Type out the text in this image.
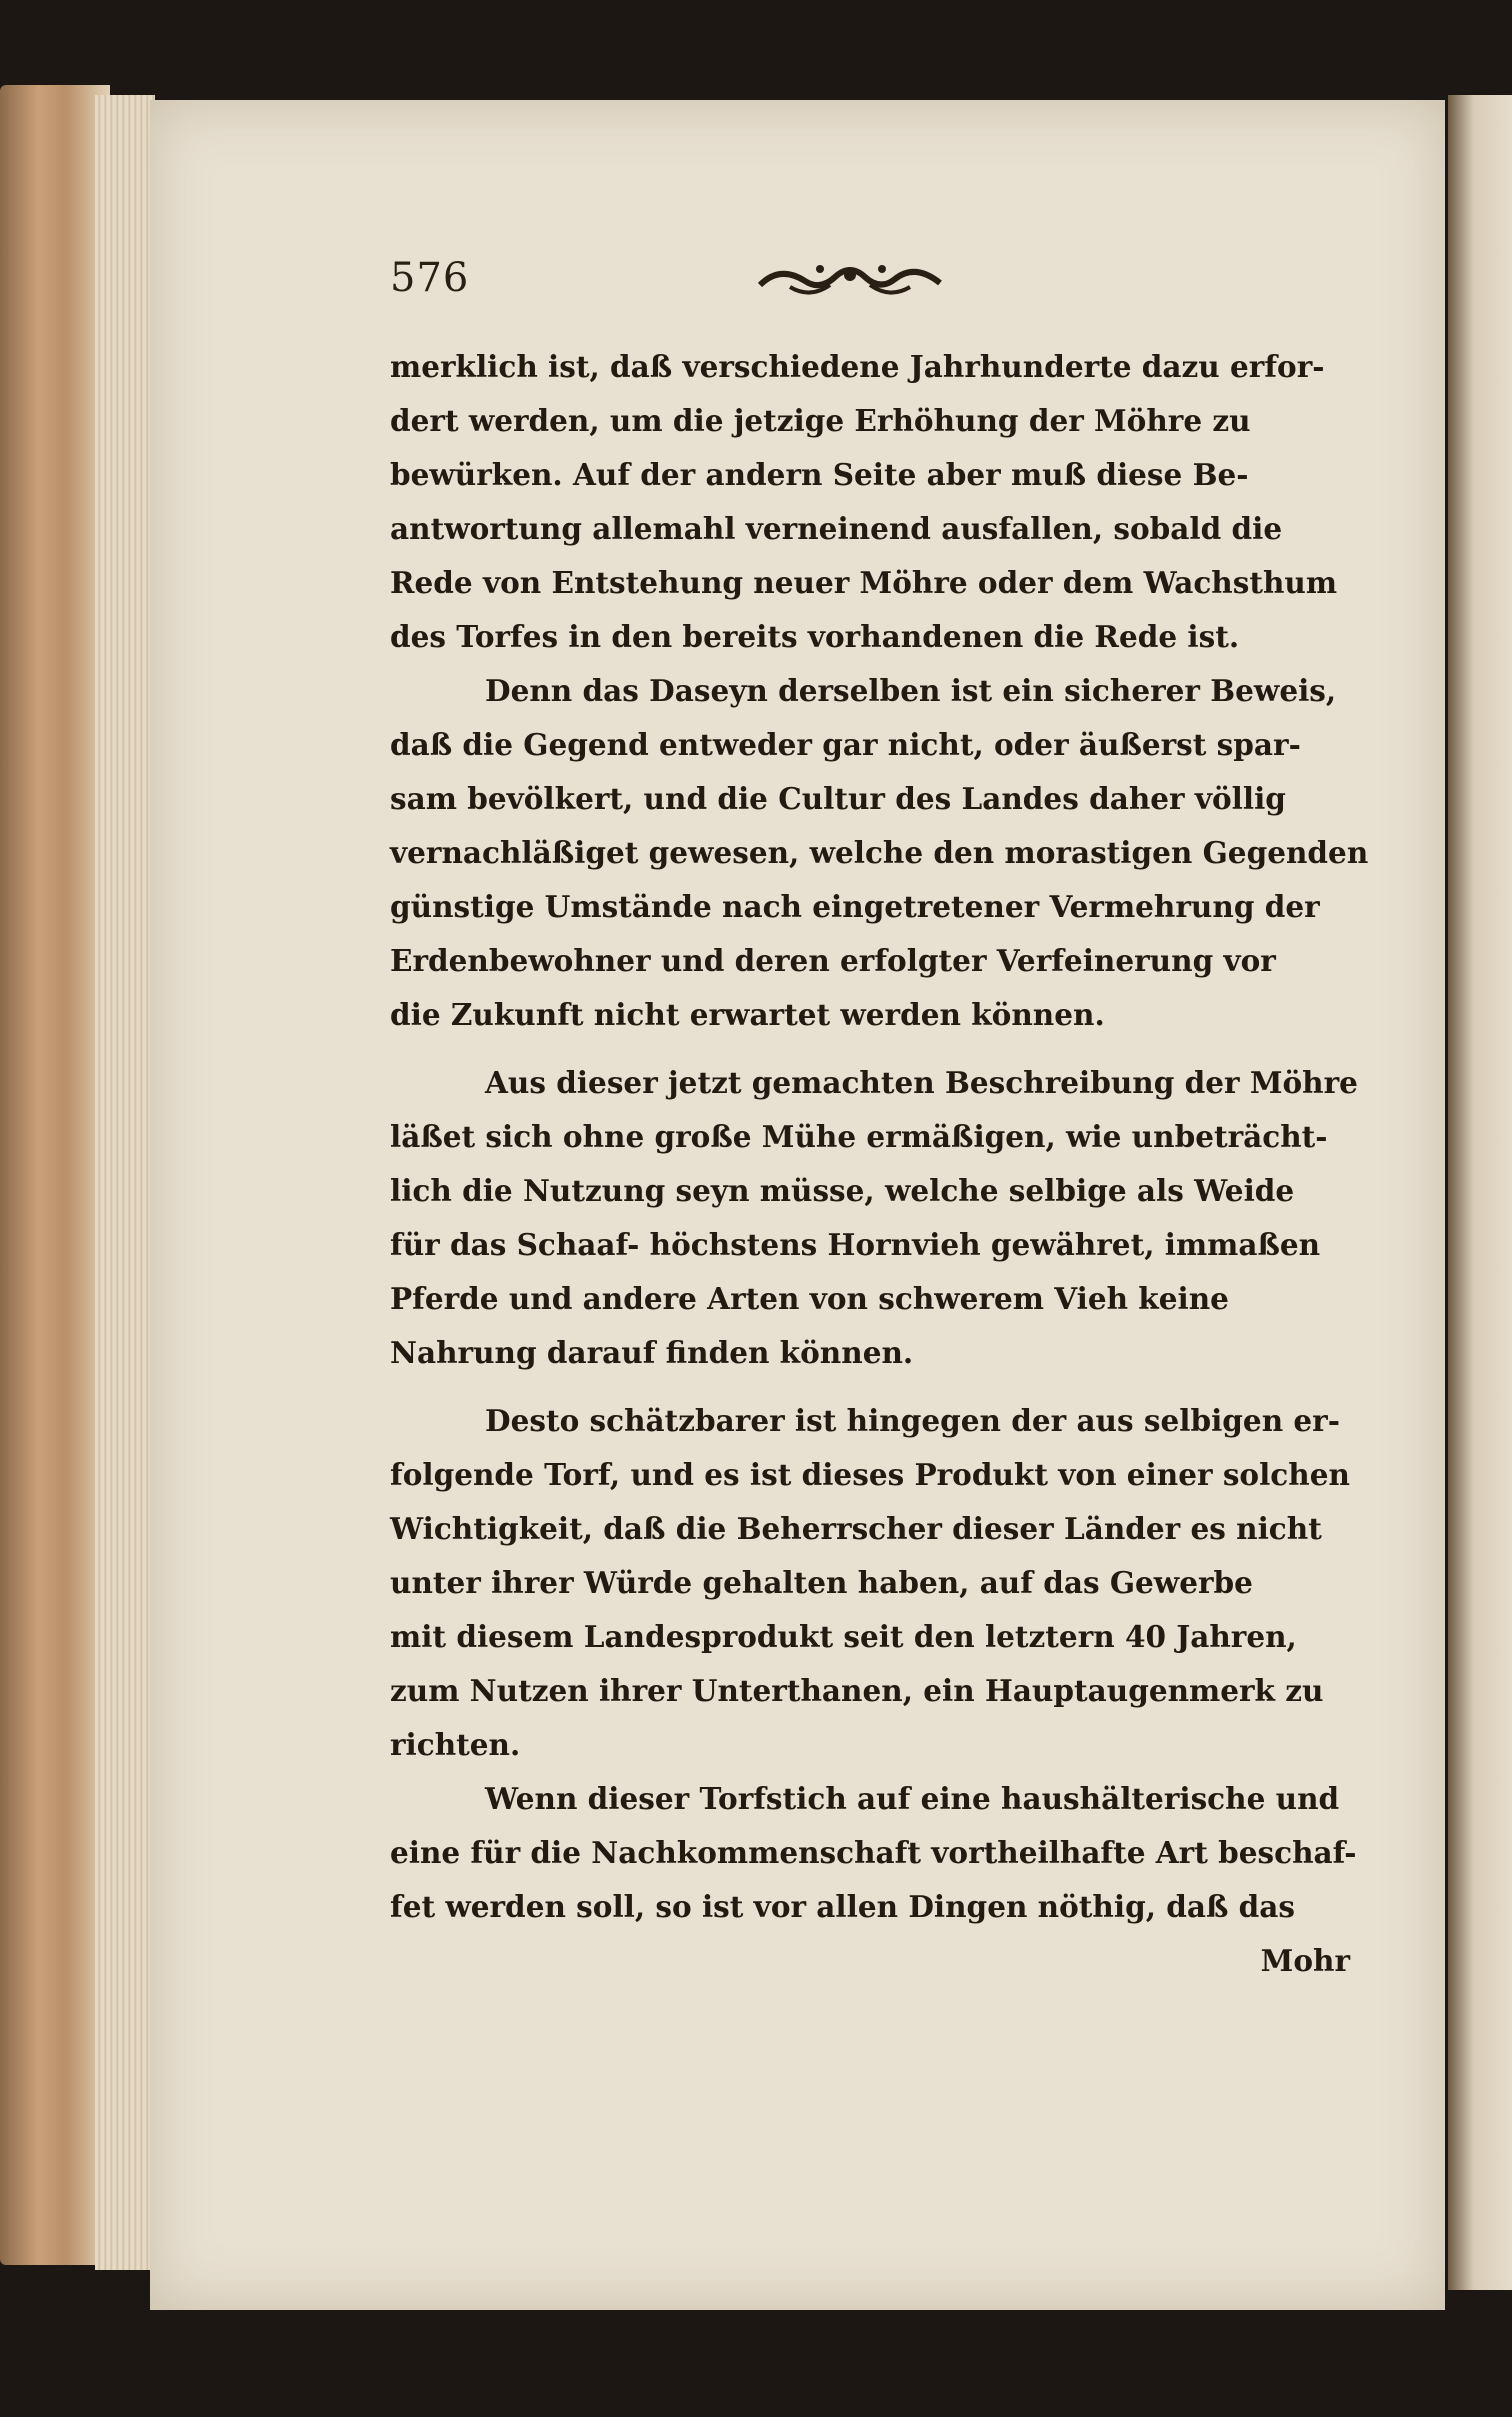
576
merklich ist, daß verschiedene Jahrhunderte dazu erfor-
dert werden, um die jetzige Erhöhung der Möhre zu
bewürken. Auf der andern Seite aber muß diese Be-
antwortung allemahl verneinend ausfallen, sobald die
Rede von Entstehung neuer Möhre oder dem Wachsthum
des Torfes in den bereits vorhandenen die Rede ist.
Denn das Daseyn derselben ist ein sicherer Beweis,
daß die Gegend entweder gar nicht, oder äußerst spar-
sam bevölkert, und die Cultur des Landes daher völlig
vernachläßiget gewesen, welche den morastigen Gegenden
günstige Umstände nach eingetretener Vermehrung der
Erdenbewohner und deren erfolgter Verfeinerung vor
die Zukunft nicht erwartet werden können.
Aus dieser jetzt gemachten Beschreibung der Möhre
läßet sich ohne große Mühe ermäßigen, wie unbeträcht-
lich die Nutzung seyn müsse, welche selbige als Weide
für das Schaaf- höchstens Hornvieh gewähret, immaßen
Pferde und andere Arten von schwerem Vieh keine
Nahrung darauf finden können.
Desto schätzbarer ist hingegen der aus selbigen er-
folgende Torf, und es ist dieses Produkt von einer solchen
Wichtigkeit, daß die Beherrscher dieser Länder es nicht
unter ihrer Würde gehalten haben, auf das Gewerbe
mit diesem Landesprodukt seit den letztern 40 Jahren,
zum Nutzen ihrer Unterthanen, ein Hauptaugenmerk zu
richten.
Wenn dieser Torfstich auf eine haushälterische und
eine für die Nachkommenschaft vortheilhafte Art beschaf-
fet werden soll, so ist vor allen Dingen nöthig, daß das
Mohr
